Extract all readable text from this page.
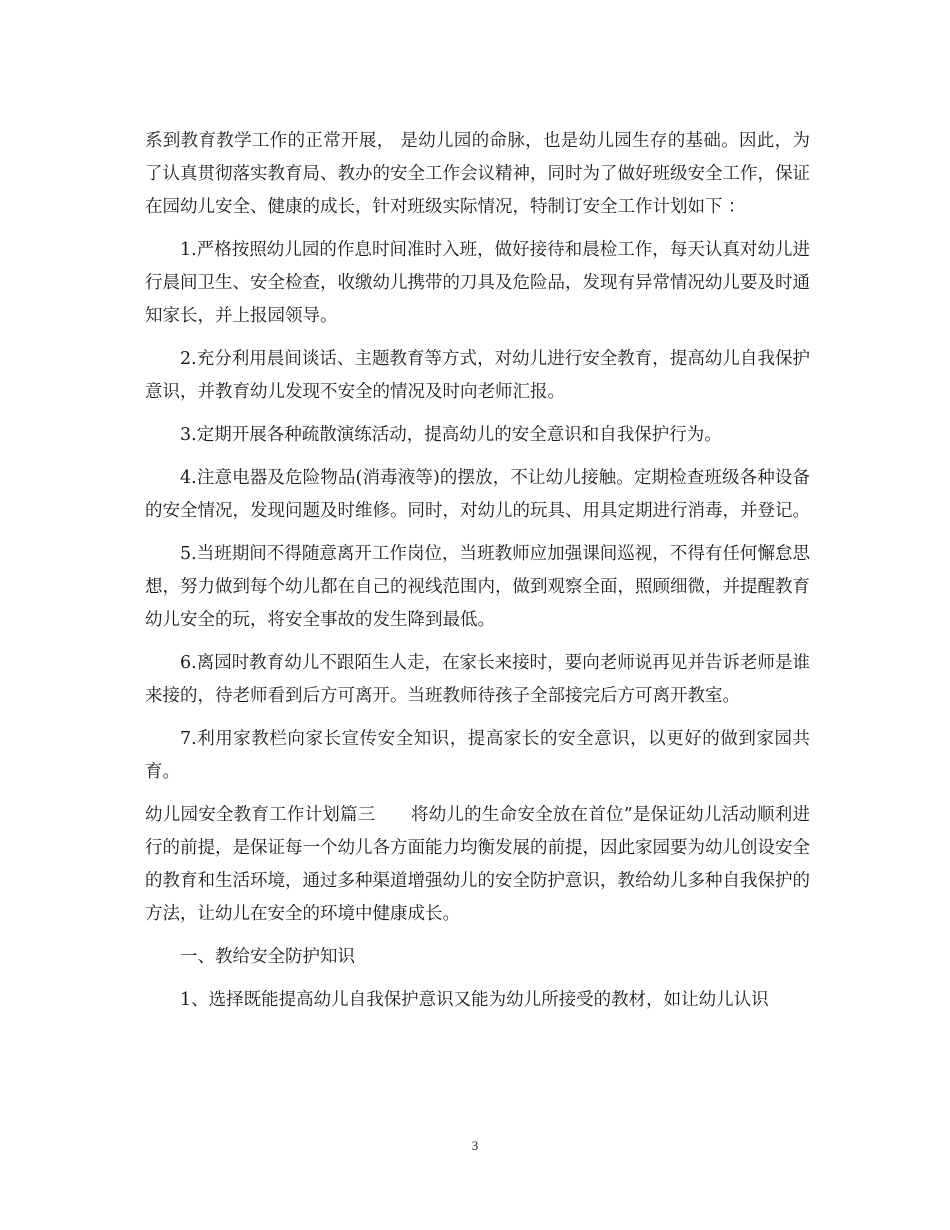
系到教育教学工作的正常开展， 是幼儿园的命脉，也是幼儿园生存的基础。因此，为了认真贯彻落实教育局、教办的安全工作会议精神，同时为了做好班级安全工作，保证在园幼儿安全、健康的成长，针对班级实际情况，特制订安全工作计划如下 ：

1.严格按照幼儿园的作息时间准时入班，做好接待和晨检工作，每天认真对幼儿进行晨间卫生、安全检查，收缴幼儿携带的刀具及危险品，发现有异常情况幼儿要及时通知家长，并上报园领导。

2.充分利用晨间谈话、主题教育等方式，对幼儿进行安全教育，提高幼儿自我保护意识，并教育幼儿发现不安全的情况及时向老师汇报。

3.定期开展各种疏散演练活动，提高幼儿的安全意识和自我保护行为。

4.注意电器及危险物品(消毒液等)的摆放，不让幼儿接触。定期检查班级各种设备的安全情况，发现问题及时维修。同时，对幼儿的玩具、用具定期进行消毒，并登记。

5.当班期间不得随意离开工作岗位，当班教师应加强课间巡视，不得有任何懈怠思想，努力做到每个幼儿都在自己的视线范围内，做到观察全面，照顾细微，并提醒教育幼儿安全的玩，将安全事故的发生降到最低。

6.离园时教育幼儿不跟陌生人走，在家长来接时，要向老师说再见并告诉老师是谁来接的，待老师看到后方可离开。当班教师待孩子全部接完后方可离开教室。

7.利用家教栏向家长宣传安全知识，提高家长的安全意识，以更好的做到家园共育。

幼儿园安全教育工作计划篇三　　将幼儿的生命安全放在首位”是保证幼儿活动顺利进行的前提，是保证每一个幼儿各方面能力均衡发展的前提，因此家园要为幼儿创设安全的教育和生活环境，通过多种渠道增强幼儿的安全防护意识，教给幼儿多种自我保护的方法，让幼儿在安全的环境中健康成长。

一、教给安全防护知识

1、选择既能提高幼儿自我保护意识又能为幼儿所接受的教材，如让幼儿认识

3
